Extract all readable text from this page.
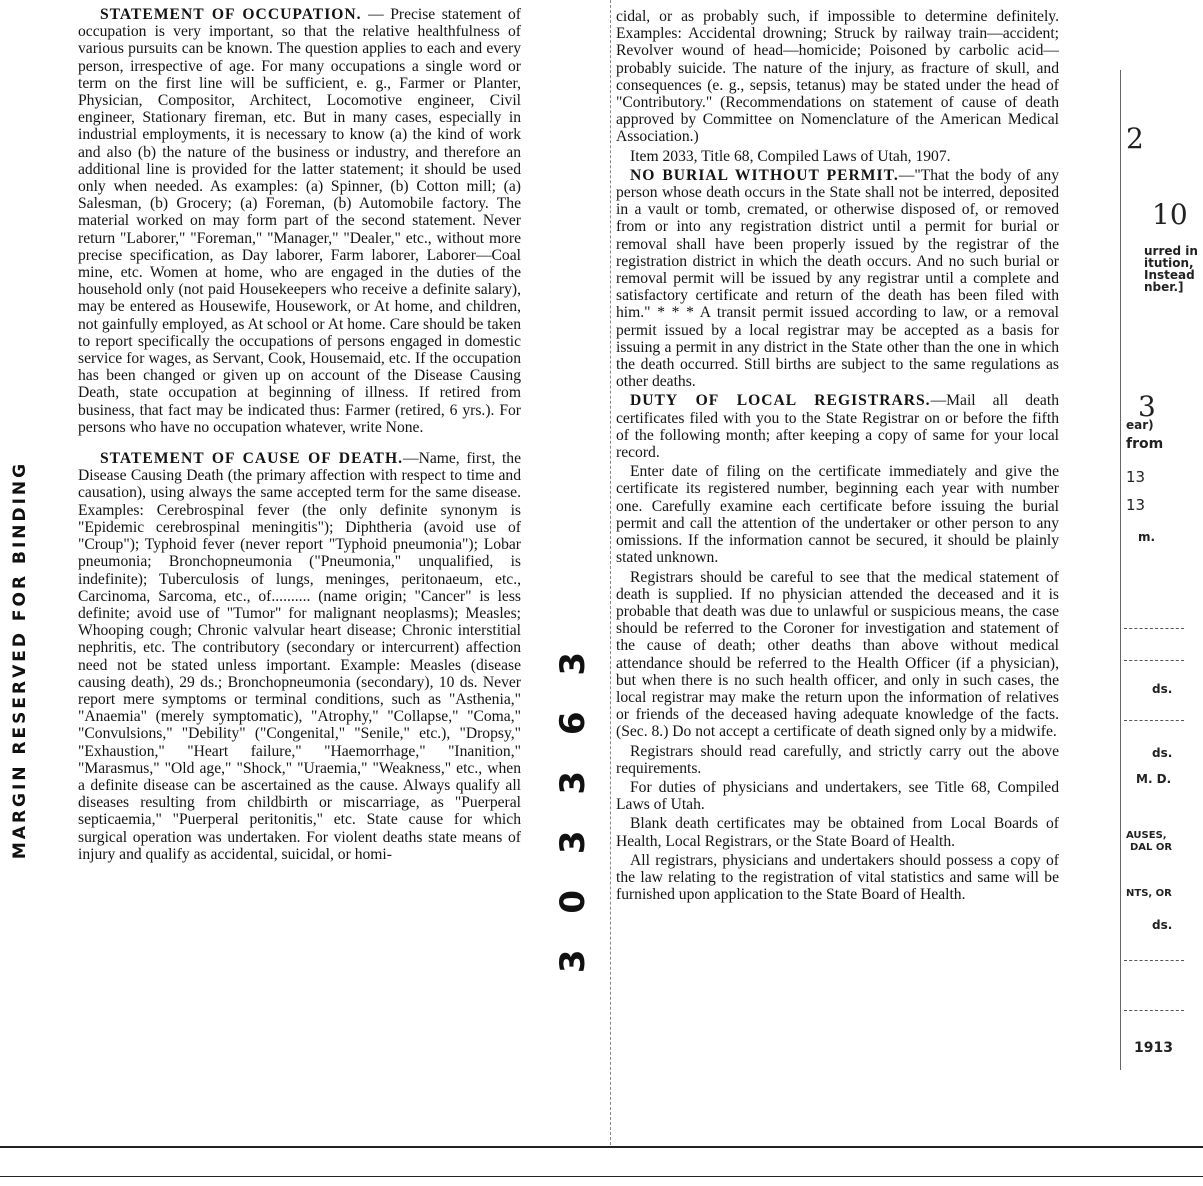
MARGIN RESERVED FOR BINDING

STATEMENT OF OCCUPATION. — Precise statement of occupation is very important, so that the relative healthfulness of various pursuits can be known. The question applies to each and every person, irrespective of age. For many occupations a single word or term on the first line will be sufficient, e. g., Farmer or Planter, Physician, Compositor, Architect, Locomotive engineer, Civil engineer, Stationary fireman, etc. But in many cases, especially in industrial employments, it is necessary to know (a) the kind of work and also (b) the nature of the business or industry, and therefore an additional line is provided for the latter statement; it should be used only when needed. As examples: (a) Spinner, (b) Cotton mill; (a) Salesman, (b) Grocery; (a) Foreman, (b) Automobile factory. The material worked on may form part of the second statement. Never return "Laborer," "Foreman," "Manager," "Dealer," etc., without more precise specification, as Day laborer, Farm laborer, Laborer—Coal mine, etc. Women at home, who are engaged in the duties of the household only (not paid Housekeepers who receive a definite salary), may be entered as Housewife, Housework, or At home, and children, not gainfully employed, as At school or At home. Care should be taken to report specifically the occupations of persons engaged in domestic service for wages, as Servant, Cook, Housemaid, etc. If the occupation has been changed or given up on account of the Disease Causing Death, state occupation at beginning of illness. If retired from business, that fact may be indicated thus: Farmer (retired, 6 yrs.). For persons who have no occupation whatever, write None.

STATEMENT OF CAUSE OF DEATH.—Name, first, the Disease Causing Death (the primary affection with respect to time and causation), using always the same accepted term for the same disease. Examples: Cerebrospinal fever (the only definite synonym is "Epidemic cerebrospinal meningitis"); Diphtheria (avoid use of "Croup"); Typhoid fever (never report "Typhoid pneumonia"); Lobar pneumonia; Bronchopneumonia ("Pneumonia," unqualified, is indefinite); Tuberculosis of lungs, meninges, peritonaeum, etc., Carcinoma, Sarcoma, etc., of.......... (name origin; "Cancer" is less definite; avoid use of "Tumor" for malignant neoplasms); Measles; Whooping cough; Chronic valvular heart disease; Chronic interstitial nephritis, etc. The contributory (secondary or intercurrent) affection need not be stated unless important. Example: Measles (disease causing death), 29 ds.; Bronchopneumonia (secondary), 10 ds. Never report mere symptoms or terminal conditions, such as "Asthenia," "Anaemia" (merely symptomatic), "Atrophy," "Collapse," "Coma," "Convulsions," "Debility" ("Congenital," "Senile," etc.), "Dropsy," "Exhaustion," "Heart failure," "Haemorrhage," "Inanition," "Marasmus," "Old age," "Shock," "Uraemia," "Weakness," etc., when a definite disease can be ascertained as the cause. Always qualify all diseases resulting from childbirth or miscarriage, as "Puerperal septicaemia," "Puerperal peritonitis," etc. State cause for which surgical operation was undertaken. For violent deaths state means of injury and qualify as accidental, suicidal, or homi-	3 0 3 3 6 3

cidal, or as probably such, if impossible to determine definitely. Examples: Accidental drowning; Struck by railway train—accident; Revolver wound of head—homicide; Poisoned by carbolic acid—probably suicide. The nature of the injury, as fracture of skull, and consequences (e. g., sepsis, tetanus) may be stated under the head of "Contributory." (Recommendations on statement of cause of death approved by Committee on Nomenclature of the American Medical Association.)

Item 2033, Title 68, Compiled Laws of Utah, 1907.

NO BURIAL WITHOUT PERMIT.—"That the body of any person whose death occurs in the State shall not be interred, deposited in a vault or tomb, cremated, or otherwise disposed of, or removed from or into any registration district until a permit for burial or removal shall have been properly issued by the registrar of the registration district in which the death occurs. And no such burial or removal permit will be issued by any registrar until a complete and satisfactory certificate and return of the death has been filed with him." * * * A transit permit issued according to law, or a removal permit issued by a local registrar may be accepted as a basis for issuing a permit in any district in the State other than the one in which the death occurred. Still births are subject to the same regulations as other deaths.

DUTY OF LOCAL REGISTRARS.—Mail all death certificates filed with you to the State Registrar on or before the fifth of the following month; after keeping a copy of same for your local record.

Enter date of filing on the certificate immediately and give the certificate its registered number, beginning each year with number one. Carefully examine each certificate before issuing the burial permit and call the attention of the undertaker or other person to any omissions. If the information cannot be secured, it should be plainly stated unknown.

Registrars should be careful to see that the medical statement of death is supplied. If no physician attended the deceased and it is probable that death was due to unlawful or suspicious means, the case should be referred to the Coroner for investigation and statement of the cause of death; other deaths than above without medical attendance should be referred to the Health Officer (if a physician), but when there is no such health officer, and only in such cases, the local registrar may make the return upon the information of relatives or friends of the deceased having adequate knowledge of the facts. (Sec. 8.) Do not accept a certificate of death signed only by a midwife.

Registrars should read carefully, and strictly carry out the above requirements.

For duties of physicians and undertakers, see Title 68, Compiled Laws of Utah.

Blank death certificates may be obtained from Local Boards of Health, Local Registrars, or the State Board of Health.

All registrars, physicians and undertakers should possess a copy of the law relating to the registration of vital statistics and same will be furnished upon application to the State Board of Health.

2
10
urred in
itution,
Instead
nber.]
3
ear)
from
13
13
m.
ds.
ds.
M. D.
AUSES,
DAL OR
NTS, OR
ds.
1913
